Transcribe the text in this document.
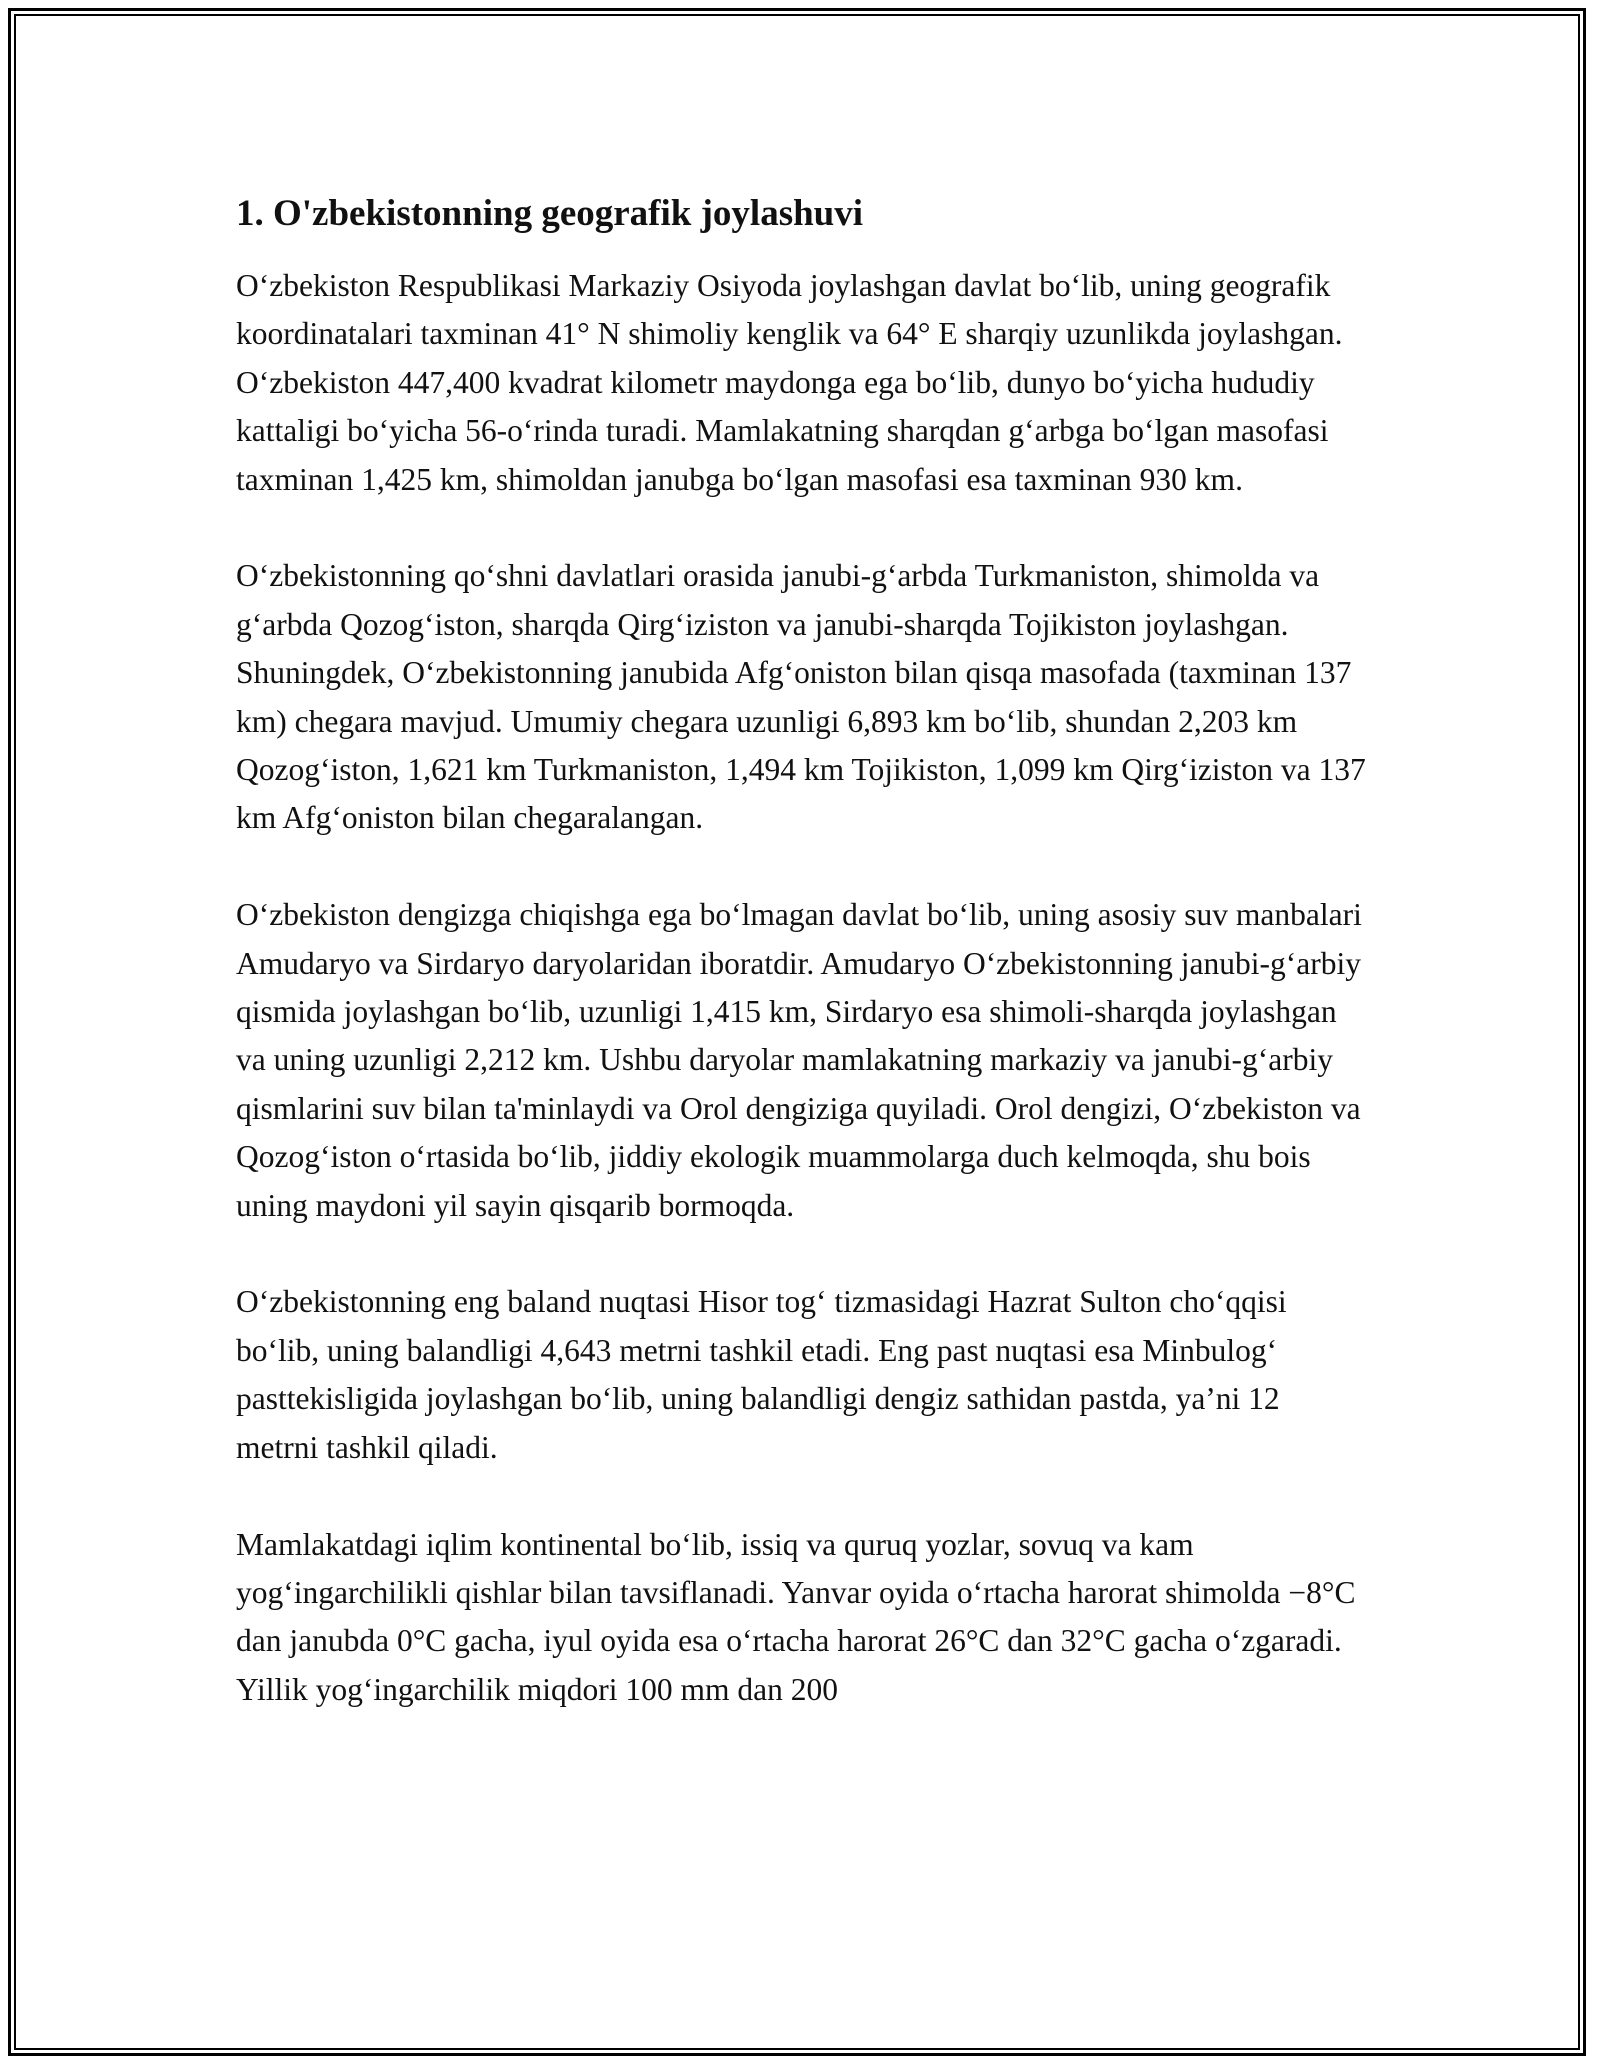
1. O'zbekistonning geografik joylashuvi

O‘zbekiston Respublikasi Markaziy Osiyoda joylashgan davlat bo‘lib, uning geografik koordinatalari taxminan 41° N shimoliy kenglik va 64° E sharqiy uzunlikda joylashgan. O‘zbekiston 447,400 kvadrat kilometr maydonga ega bo‘lib, dunyo bo‘yicha hududiy kattaligi bo‘yicha 56-o‘rinda turadi. Mamlakatning sharqdan g‘arbga bo‘lgan masofasi taxminan 1,425 km, shimoldan janubga bo‘lgan masofasi esa taxminan 930 km.

O‘zbekistonning qo‘shni davlatlari orasida janubi-g‘arbda Turkmaniston, shimolda va g‘arbda Qozog‘iston, sharqda Qirg‘iziston va janubi-sharqda Tojikiston joylashgan. Shuningdek, O‘zbekistonning janubida Afg‘oniston bilan qisqa masofada (taxminan 137 km) chegara mavjud. Umumiy chegara uzunligi 6,893 km bo‘lib, shundan 2,203 km Qozog‘iston, 1,621 km Turkmaniston, 1,494 km Tojikiston, 1,099 km Qirg‘iziston va 137 km Afg‘oniston bilan chegaralangan.

O‘zbekiston dengizga chiqishga ega bo‘lmagan davlat bo‘lib, uning asosiy suv manbalari Amudaryo va Sirdaryo daryolaridan iboratdir. Amudaryo O‘zbekistonning janubi-g‘arbiy qismida joylashgan bo‘lib, uzunligi 1,415 km, Sirdaryo esa shimoli-sharqda joylashgan va uning uzunligi 2,212 km. Ushbu daryolar mamlakatning markaziy va janubi-g‘arbiy qismlarini suv bilan ta'minlaydi va Orol dengiziga quyiladi. Orol dengizi, O‘zbekiston va Qozog‘iston o‘rtasida bo‘lib, jiddiy ekologik muammolarga duch kelmoqda, shu bois uning maydoni yil sayin qisqarib bormoqda.

O‘zbekistonning eng baland nuqtasi Hisor tog‘ tizmasidagi Hazrat Sulton cho‘qqisi bo‘lib, uning balandligi 4,643 metrni tashkil etadi. Eng past nuqtasi esa Minbulog‘ pasttekisligida joylashgan bo‘lib, uning balandligi dengiz sathidan pastda, ya’ni 12 metrni tashkil qiladi.

Mamlakatdagi iqlim kontinental bo‘lib, issiq va quruq yozlar, sovuq va kam yog‘ingarchilikli qishlar bilan tavsiflanadi. Yanvar oyida o‘rtacha harorat shimolda −8°C dan janubda 0°C gacha, iyul oyida esa o‘rtacha harorat 26°C dan 32°C gacha o‘zgaradi. Yillik yog‘ingarchilik miqdori 100 mm dan 200
